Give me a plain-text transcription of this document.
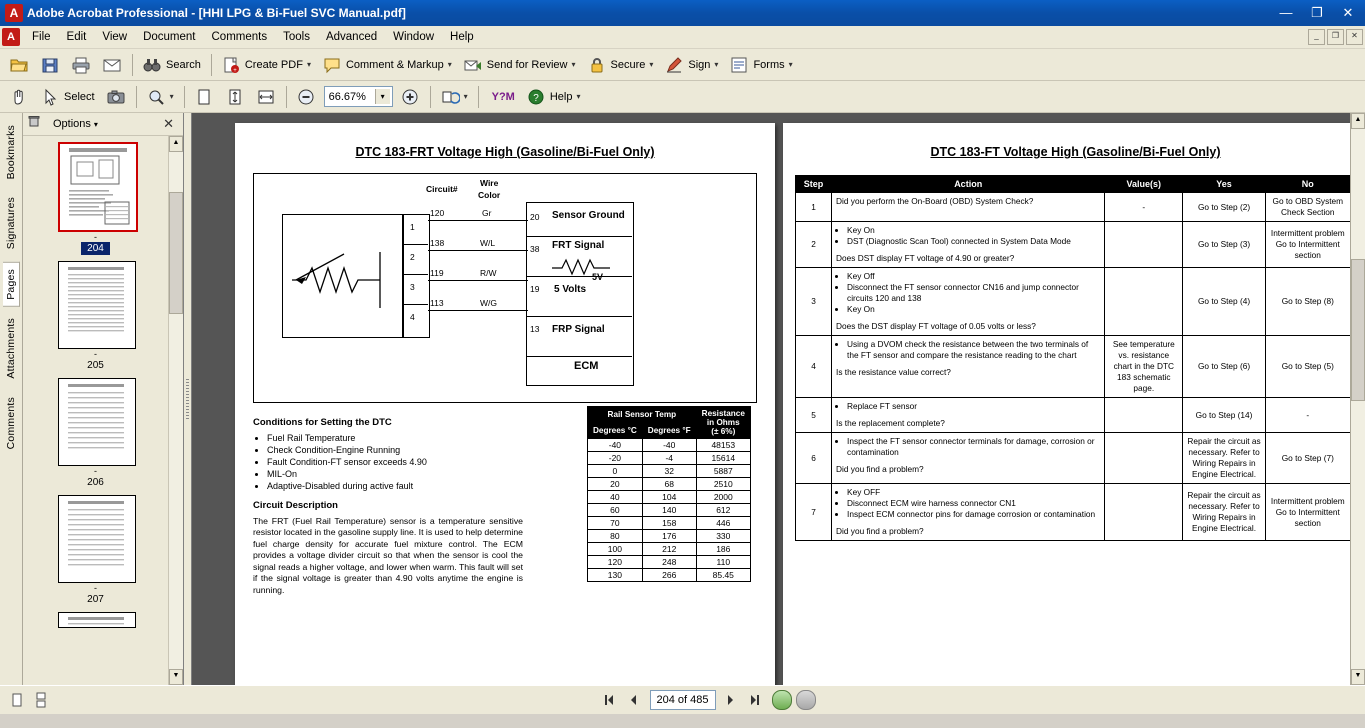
A Adobe Acrobat Professional - [HHI LPG & Bi-Fuel SVC Manual.pdf]	—	❐	✕
A	File	Edit	View	Document	Comments	Tools	Advanced	Window	Help	_	❐	✕
Search	+ Create PDF ▾	Comment & Markup ▾	Send for Review ▾	Secure ▾	Sign ▾	Forms ▾
Select	▾
66.67%	▾	▾ Y?M ? Help ▾
Bookmarks
Signatures
Pages
Attachments
Comments
Options ▾	✕
-
204
-
205
-
206
-
207
▲
▼
DTC 183-FRT Voltage High (Gasoline/Bi-Fuel Only)
1
2
3
4
Circuit#
Wire
Color
120
138
119
113
Gr
W/L
R/W
W/G
20
38
19
13
Sensor Ground
FRT Signal
5 Volts
FRP Signal
5V
ECM
Conditions for Setting the DTC
• Fuel Rail Temperature
• Check Condition-Engine Running
• Fault Condition-FT sensor exceeds 4.90
• MIL-On
• Adaptive-Disabled during active fault
Circuit Description
The FRT (Fuel Rail Temperature) sensor is a temperature sensitive resistor located in the gasoline supply line. It is used to help determine fuel charge density for accurate fuel mixture control. The ECM provides a voltage divider circuit so that when the sensor is cool the signal reads a higher voltage, and lower when warm. This fault will set if the signal voltage is greater than 4.90 volts anytime the engine is running.
Rail Sensor Temp		Resistance
in Ohms
(± 6%)

Degrees °C	Degrees °F	
-40	-40	48153
-20	-4	15614
0	32	5887
20	68	2510
40	104	2000
60	140	612
70	158	446
80	176	330
100	212	186
120	248	110
130	266	85.45
DTC 183-FT Voltage High (Gasoline/Bi-Fuel Only)
Step	Action	Value(s)	Yes	No
1	Did you perform the On-Board (OBD) System Check?	-	Go to Step (2)	Go to OBD System Check Section
2	
• Key On
• DST (Diagnostic Scan Tool) connected in System Data Mode
Does DST display FT voltage of 4.90 or greater?
		Go to Step (3)	Intermittent problem Go to Intermittent section
3	
• Key Off
• Disconnect the FT sensor connector CN16 and jump connector circuits 120 and 138
• Key On
Does the DST display FT voltage of 0.05 volts or less?
		Go to Step (4)	Go to Step (8)
4	
• Using a DVOM check the resistance between the two terminals of the FT sensor and compare the resistance reading to the chart
Is the resistance value correct?
	See temperature vs. resistance chart in the DTC 183 schematic page.	Go to Step (6)	Go to Step (5)
5	
• Replace FT sensor
Is the replacement complete?
		Go to Step (14)	-
6	
• Inspect the FT sensor connector terminals for damage, corrosion or contamination
Did you find a problem?
		Repair the circuit as necessary. Refer to Wiring Repairs in Engine Electrical.	Go to Step (7)
7	
• Key OFF
• Disconnect ECM wire harness connector CN1
• Inspect ECM connector pins for damage corrosion or contamination
Did you find a problem?
		Repair the circuit as necessary. Refer to Wiring Repairs in Engine Electrical.	Intermittent problem Go to Intermittent section
▲
▼
204 of 485
